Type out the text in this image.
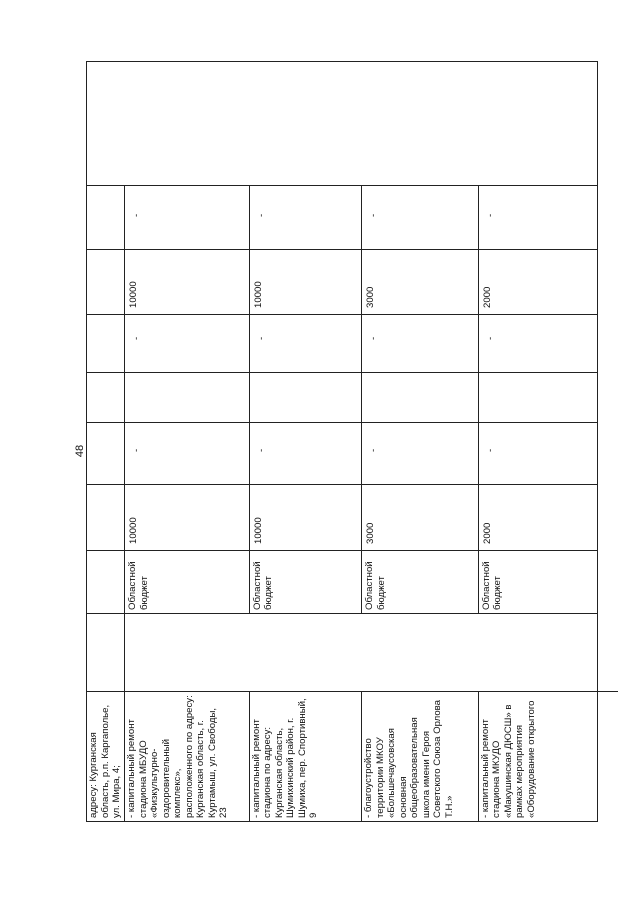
48
адресу: Курганская область, р.п. Каргаполье, ул. Мира, 4;									

- капитальный ремонт стадиона МБУДО «Физкультурно-оздоровительный комплекс», расположенного по адресу: Курганская область, г. Куртамыш, ул. Свободы, 23		Областной бюджет	10000	-		-	10000	-	

- капитальный ремонт стадиона по адресу: Курганская область, Шумихинский район, г. Шумиха, пер. Спортивный, 9		Областной бюджет	10000	-		-	10000	-	

- благоустройство территории МКОУ «Большечаусовская основная общеобразовательная школа имени Героя Советского Союза Орлова Т.Н.»		Областной бюджет	3000	-		-	3000	-	

- капитальный ремонт стадиона МКУДО «Макушинская ДЮСШ» в рамках мероприятия «Оборудование открытого		Областной бюджет	2000	-		-	2000	-	
